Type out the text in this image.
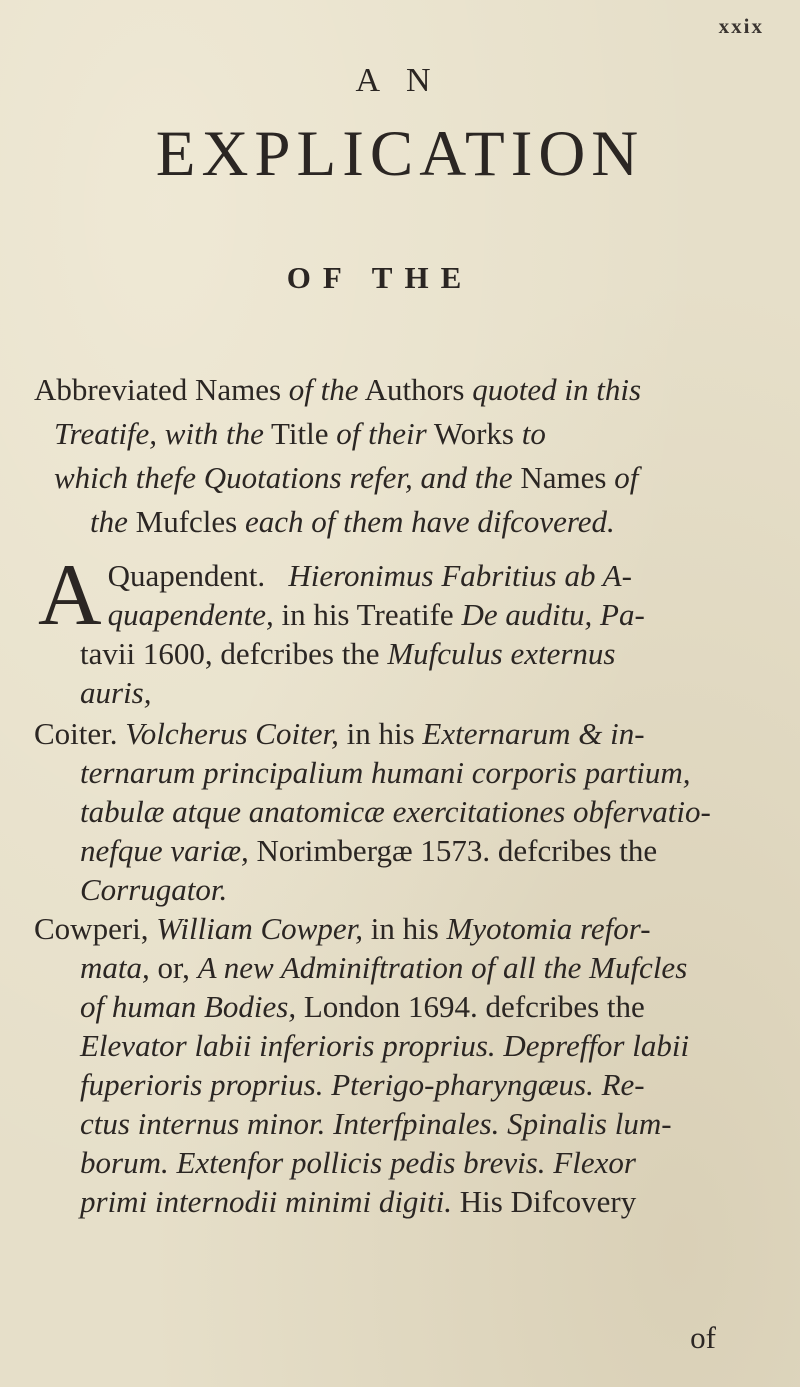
xxix
AN
EXPLICATION
OF THE
Abbreviated Names of the Authors quoted in this
Treatife, with the Title of their Works to
which thefe Quotations refer, and the Names of
the Mufcles each of them have difcovered.
A Quapendent. Hieronimus Fabritius ab A-
quapendente, in his Treatife De auditu, Pa-
tavii 1600, defcribes the Mufculus externus
auris,
Coiter. Volcherus Coiter, in his Externarum & in-
ternarum principalium humani corporis partium,
tabulæ atque anatomicæ exercitationes obfervatio-
nefque variæ, Norimbergæ 1573. defcribes the
Corrugator.
Cowperi, William Cowper, in his Myotomia refor-
mata, or, A new Adminiftration of all the Mufcles
of human Bodies, London 1694. defcribes the
Elevator labii inferioris proprius. Depreffor labii
fuperioris proprius. Pterigo-pharyngæus. Re-
ctus internus minor. Interfpinales. Spinalis lum-
borum. Extenfor pollicis pedis brevis. Flexor
primi internodii minimi digiti. His Difcovery
of
